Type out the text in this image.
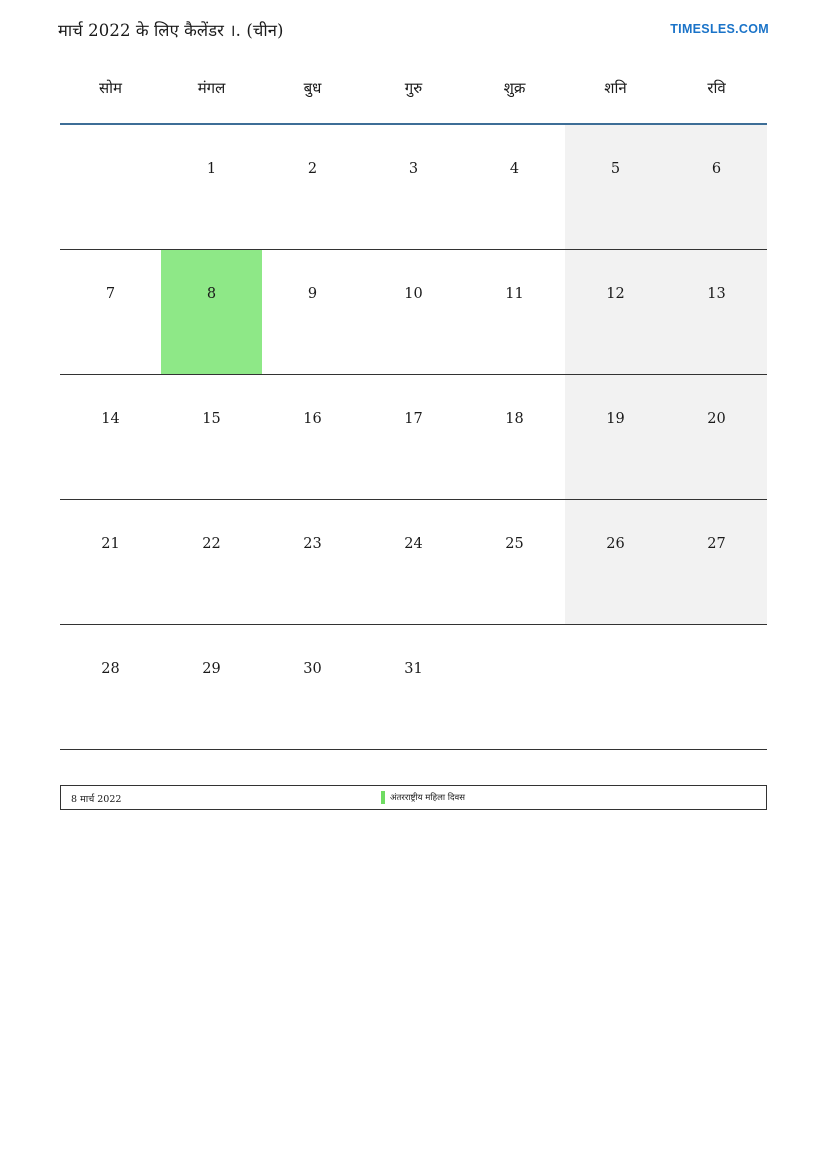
मार्च 2022 के लिए कैलेंडर ।. (चीन)	TIMESLES.COM
सोम	मंगल	बुध	गुरु	शुक्र	शनि	रवि

	1	2	3	4	5	6

7	8	9	10	11	12	13

14	15	16	17	18	19	20

21	22	23	24	25	26	27

28	29	30	31			

8 मार्च 2022	अंतरराष्ट्रीय महिला दिवस
